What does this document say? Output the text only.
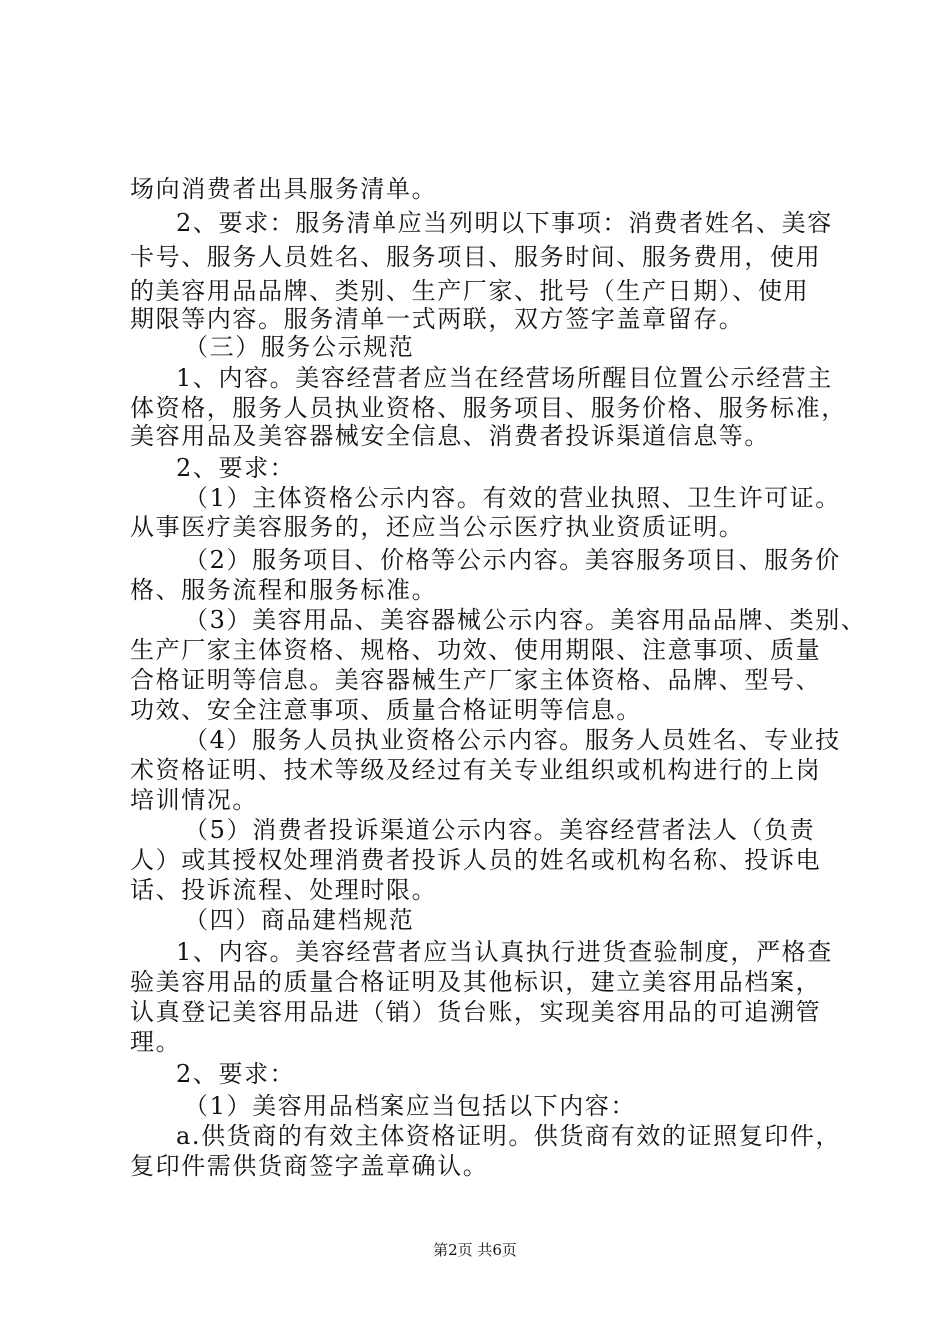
场向消费者出具服务清单。
2、要求：服务清单应当列明以下事项：消费者姓名、美容
卡号、服务人员姓名、服务项目、服务时间、服务费用，使用
的美容用品品牌、类别、生产厂家、批号（生产日期）、使用
期限等内容。服务清单一式两联，双方签字盖章留存。
（三）服务公示规范
1、内容。美容经营者应当在经营场所醒目位置公示经营主
体资格，服务人员执业资格、服务项目、服务价格、服务标准，
美容用品及美容器械安全信息、消费者投诉渠道信息等。
2、要求：
（1）主体资格公示内容。有效的营业执照、卫生许可证。
从事医疗美容服务的，还应当公示医疗执业资质证明。
（2）服务项目、价格等公示内容。美容服务项目、服务价
格、服务流程和服务标准。
（3）美容用品、美容器械公示内容。美容用品品牌、类别、
生产厂家主体资格、规格、功效、使用期限、注意事项、质量
合格证明等信息。美容器械生产厂家主体资格、品牌、型号、
功效、安全注意事项、质量合格证明等信息。
（4）服务人员执业资格公示内容。服务人员姓名、专业技
术资格证明、技术等级及经过有关专业组织或机构进行的上岗
培训情况。
（5）消费者投诉渠道公示内容。美容经营者法人（负责
人）或其授权处理消费者投诉人员的姓名或机构名称、投诉电
话、投诉流程、处理时限。
（四）商品建档规范
1、内容。美容经营者应当认真执行进货查验制度，严格查
验美容用品的质量合格证明及其他标识，建立美容用品档案，
认真登记美容用品进（销）货台账，实现美容用品的可追溯管
理。
2、要求：
（1）美容用品档案应当包括以下内容：
a.供货商的有效主体资格证明。供货商有效的证照复印件，
复印件需供货商签字盖章确认。
第2页 共6页
